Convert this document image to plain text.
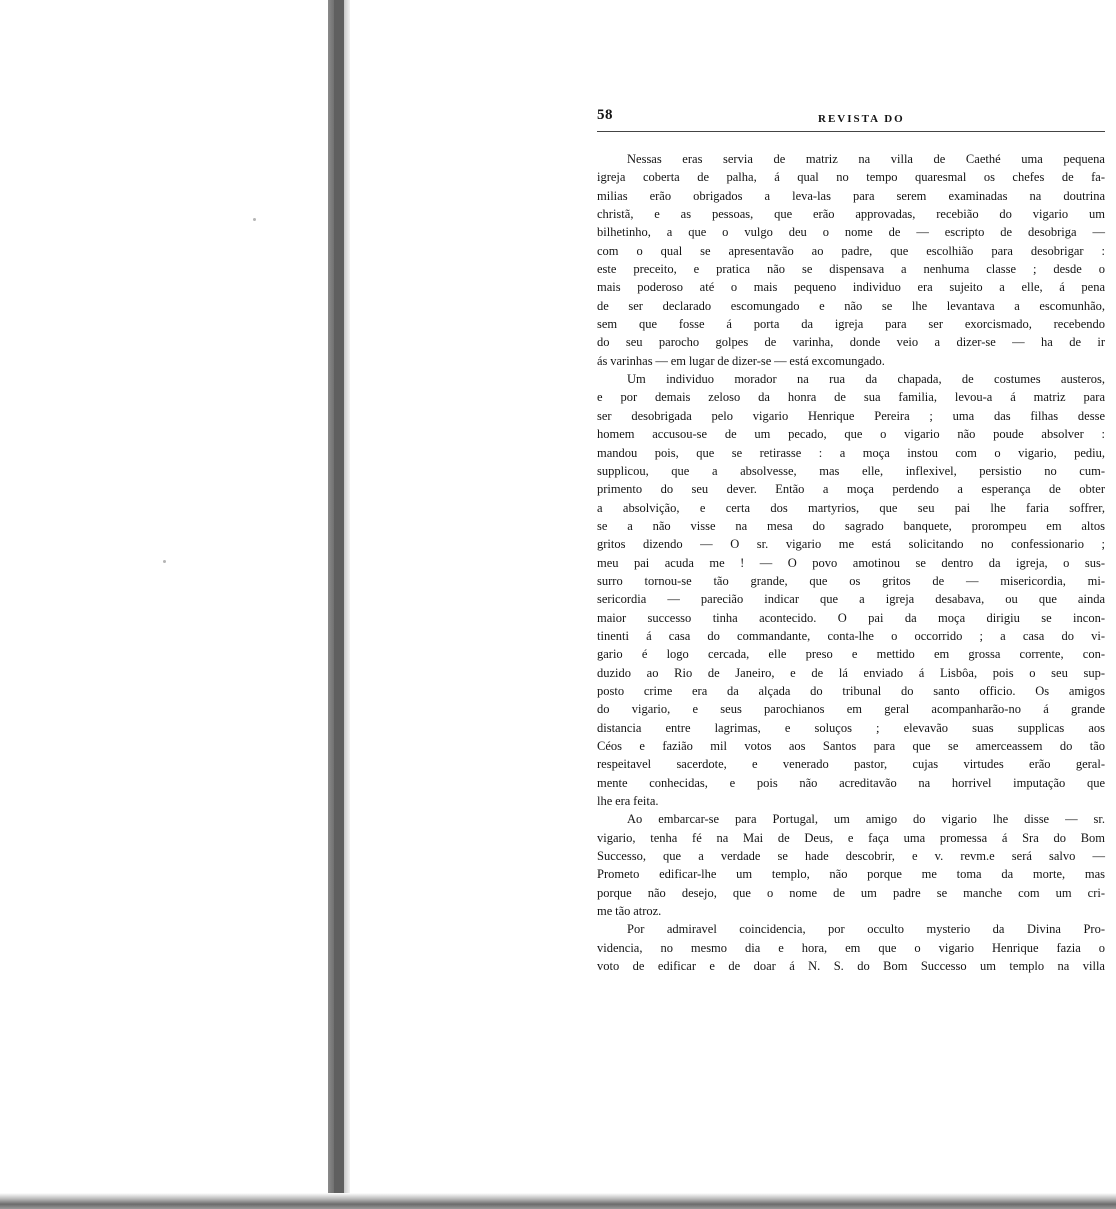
58	REVISTA DO
Nessas eras servia de matriz na villa de Caethé uma pequena
igreja coberta de palha, á qual no tempo quaresmal os chefes de fa-
milias erão obrigados a leva-las para serem examinadas na doutrina
christã, e as pessoas, que erão approvadas, recebião do vigario um
bilhetinho, a que o vulgo deu o nome de — escripto de desobriga —
com o qual se apresentavão ao padre, que escolhião para desobrigar :
este preceito, e pratica não se dispensava a nenhuma classe ; desde o
mais poderoso até o mais pequeno individuo era sujeito a elle, á pena
de ser declarado escomungado e não se lhe levantava a escomunhão,
sem que fosse á porta da igreja para ser exorcismado, recebendo
do seu parocho golpes de varinha, donde veio a dizer-se — ha de ir
ás varinhas — em lugar de dizer-se — está excomungado.
Um individuo morador na rua da chapada, de costumes austeros,
e por demais zeloso da honra de sua familia, levou-a á matriz para
ser desobrigada pelo vigario Henrique Pereira ; uma das filhas desse
homem accusou-se de um pecado, que o vigario não poude absolver :
mandou pois, que se retirasse : a moça instou com o vigario, pediu,
supplicou, que a absolvesse, mas elle, inflexivel, persistio no cum-
primento do seu dever. Então a moça perdendo a esperança de obter
a absolvição, e certa dos martyrios, que seu pai lhe faria soffrer,
se a não visse na mesa do sagrado banquete, prorompeu em altos
gritos dizendo — O sr. vigario me está solicitando no confessionario ;
meu pai acuda me ! — O povo amotinou se dentro da igreja, o sus-
surro tornou-se tão grande, que os gritos de — misericordia, mi-
sericordia — parecião indicar que a igreja desabava, ou que ainda
maior successo tinha acontecido. O pai da moça dirigiu se incon-
tinenti á casa do commandante, conta-lhe o occorrido ; a casa do vi-
gario é logo cercada, elle preso e mettido em grossa corrente, con-
duzido ao Rio de Janeiro, e de lá enviado á Lisbôa, pois o seu sup-
posto crime era da alçada do tribunal do santo officio. Os amigos
do vigario, e seus parochianos em geral acompanharão-no á grande
distancia entre lagrimas, e soluços ; elevavão suas supplicas aos
Céos e fazião mil votos aos Santos para que se amerceassem do tão
respeitavel sacerdote, e venerado pastor, cujas virtudes erão geral-
mente conhecidas, e pois não acreditavão na horrivel imputação que
lhe era feita.
Ao embarcar-se para Portugal, um amigo do vigario lhe disse — sr.
vigario, tenha fé na Mai de Deus, e faça uma promessa á Sra do Bom
Successo, que a verdade se hade descobrir, e v. revm.e será salvo —
Prometo edificar-lhe um templo, não porque me toma da morte, mas
porque não desejo, que o nome de um padre se manche com um cri-
me tão atroz.
Por admiravel coincidencia, por occulto mysterio da Divina Pro-
videncia, no mesmo dia e hora, em que o vigario Henrique fazia o
voto de edificar e de doar á N. S. do Bom Successo um templo na villa
